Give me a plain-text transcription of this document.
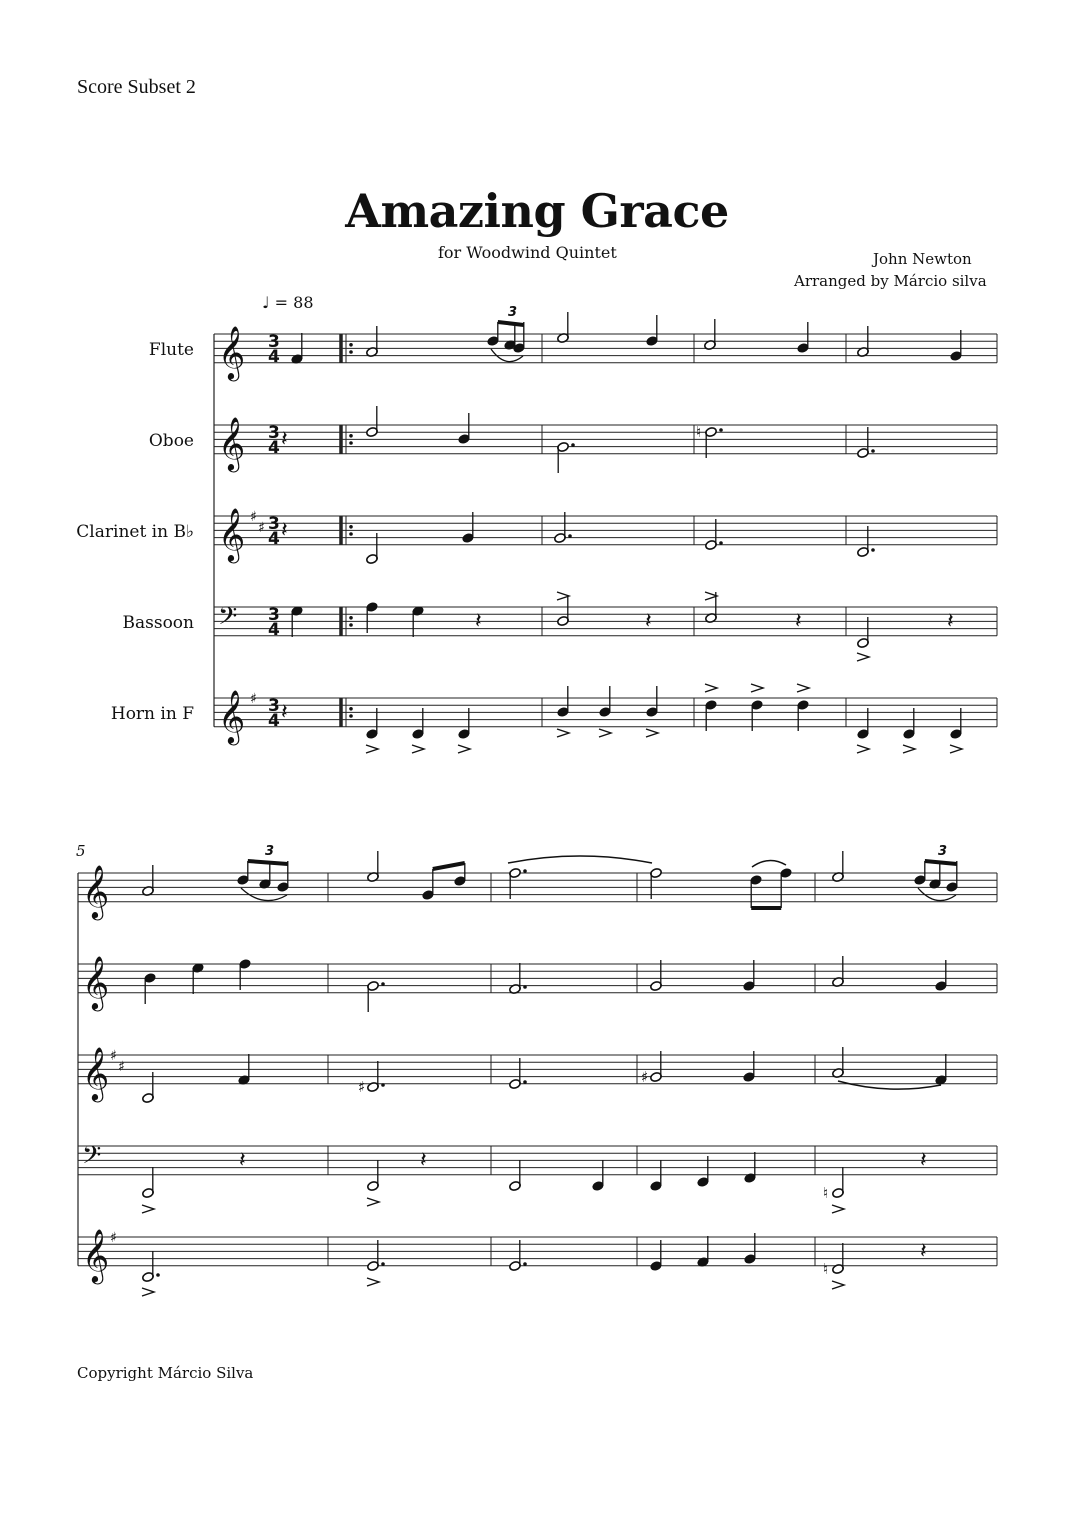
Score Subset 2
Amazing Grace
for Woodwind Quintet	John Newton
Arranged by Márcio silva
♩ = 88
Flute
Oboe
Clarinet in B♭
Bassoon
Horn in F
5
Copyright Márcio Silva
𝄞 3
4
𝄞 3
4
𝄞 ♯
♯ 3
4
𝄢 3
4
𝄞 ♯ 3
4
3
𝄽	♮
𝄽
𝄽	𝄽	𝄽	𝄽
𝄽
𝄞
𝄞
𝄞 ♯
♯
𝄢
𝄞 ♯
3	3
♯
♯
𝄽	𝄽
♮
𝄽
♮
𝄽
